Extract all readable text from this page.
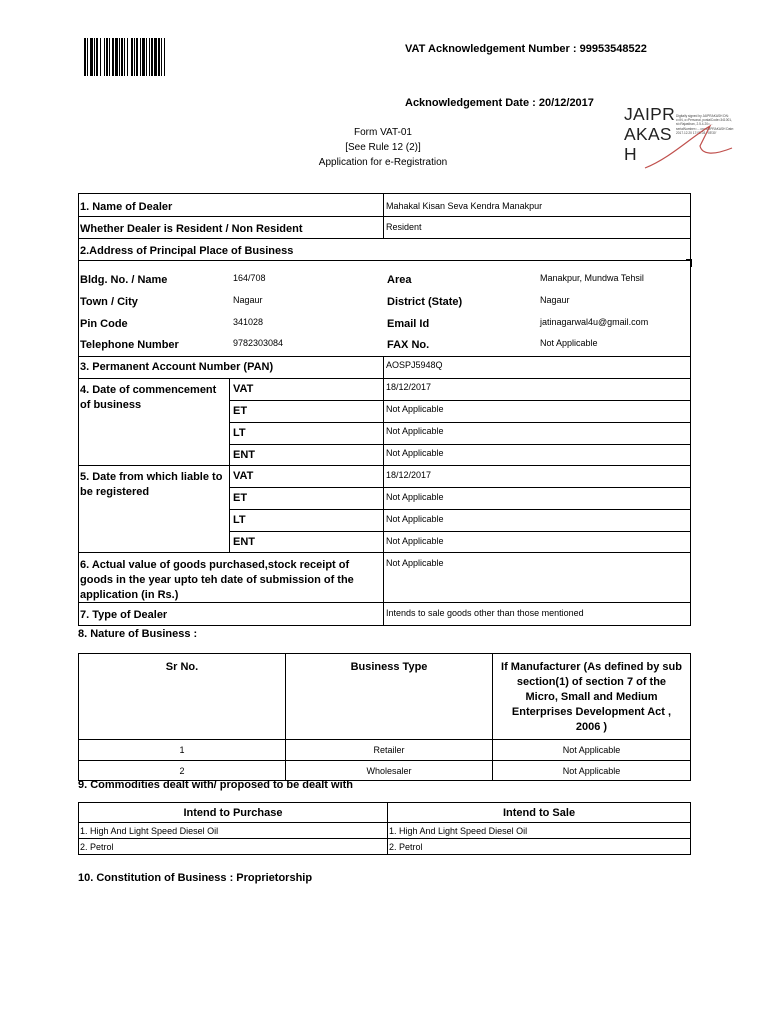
VAT Acknowledgement Number : 99953548522
Acknowledgement Date : 20/12/2017
Form VAT-01
[See Rule 12 (2)]
Application for e-Registration
JAIPR
AKAS
H
Digitally signed by JAIPRAKASH DN: c=IN, o=Personal, postalCode=341001, st=Rajasthan, 2.5.4.20=... serialNumber=... cn=JAIPRAKASH Date: 2017.12.20 17:08:03 +05'30'
1. Name of Dealer	Mahakal Kisan Seva Kendra Manakpur
Whether Dealer is Resident / Non Resident	Resident
2.Address of Principal Place of Business
Bldg. No. / Name	164/708	Area	Manakpur, Mundwa Tehsil
Town / City	Nagaur	District (State)	Nagaur
Pin Code	341028	Email Id	jatinagarwal4u@gmail.com
Telephone Number	9782303084	FAX No.	Not Applicable
3. Permanent Account Number (PAN)	AOSPJ5948Q
4. Date of commencement of business
VAT	18/12/2017
ET	Not Applicable
LT	Not Applicable
ENT	Not Applicable
5. Date from which liable to be registered
VAT	18/12/2017
ET	Not Applicable
LT	Not Applicable
ENT	Not Applicable
6. Actual value of goods purchased,stock receipt of goods in the year upto teh date of submission of the application (in Rs.)
Not Applicable
7. Type of Dealer	Intends to sale goods other than those mentioned
8. Nature of Business :
Sr No.	Business Type	If Manufacturer (As defined by sub section(1) of section 7 of the Micro, Small and Medium Enterprises Development Act , 2006 )
1	Retailer	Not Applicable
2	Wholesaler	Not Applicable
9. Commodities dealt with/ proposed to be dealt with
Intend to Purchase	Intend to Sale
1. High And Light Speed Diesel Oil	1. High And Light Speed Diesel Oil
2. Petrol	2. Petrol
10. Constitution of Business : Proprietorship
